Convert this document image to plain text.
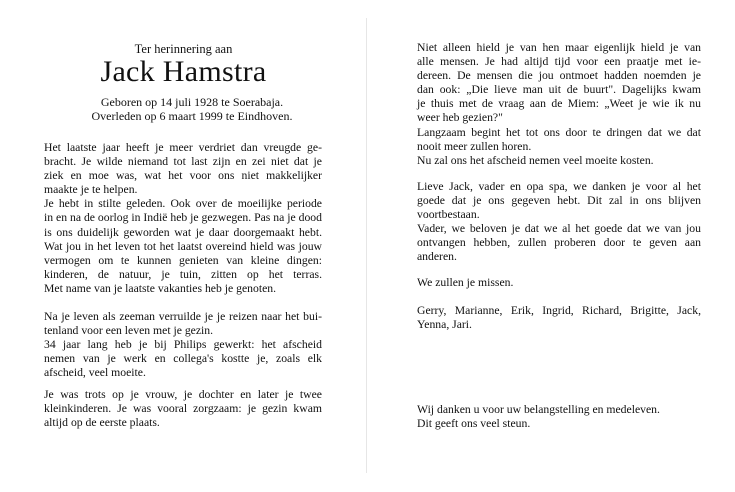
Ter herinnering aan
Jack Hamstra
Geboren op 14 juli 1928 te Soerabaja.
Overleden op 6 maart 1999 te Eindhoven.
Het laatste jaar heeft je meer verdriet dan vreugde ge-
bracht. Je wilde niemand tot last zijn en zei niet dat je
ziek en moe was, wat het voor ons niet makkelijker
maakte je te helpen.
Je hebt in stilte geleden. Ook over de moeilijke periode
in en na de oorlog in Indië heb je gezwegen. Pas na je dood
is ons duidelijk geworden wat je daar doorgemaakt hebt.
Wat jou in het leven tot het laatst overeind hield was jouw
vermogen om te kunnen genieten van kleine dingen:
kinderen, de natuur, je tuin, zitten op het terras.
Met name van je laatste vakanties heb je genoten.
Na je leven als zeeman verruilde je je reizen naar het bui-
tenland voor een leven met je gezin.
34 jaar lang heb je bij Philips gewerkt: het afscheid
nemen van je werk en collega's kostte je, zoals elk
afscheid, veel moeite.
Je was trots op je vrouw, je dochter en later je twee
kleinkinderen. Je was vooral zorgzaam: je gezin kwam
altijd op de eerste plaats.
Niet alleen hield je van hen maar eigenlijk hield je van
alle mensen. Je had altijd tijd voor een praatje met ie-
dereen. De mensen die jou ontmoet hadden noemden je
dan ook: „Die lieve man uit de buurt". Dagelijks kwam
je thuis met de vraag aan de Miem: „Weet je wie ik nu
weer heb gezien?"
Langzaam begint het tot ons door te dringen dat we dat
nooit meer zullen horen.
Nu zal ons het afscheid nemen veel moeite kosten.
Lieve Jack, vader en opa spa, we danken je voor al het
goede dat je ons gegeven hebt. Dit zal in ons blijven
voortbestaan.
Vader, we beloven je dat we al het goede dat we van jou
ontvangen hebben, zullen proberen door te geven aan
anderen.
We zullen je missen.
Gerry, Marianne, Erik, Ingrid, Richard, Brigitte, Jack,
Yenna, Jari.
Wij danken u voor uw belangstelling en medeleven.
Dit geeft ons veel steun.
